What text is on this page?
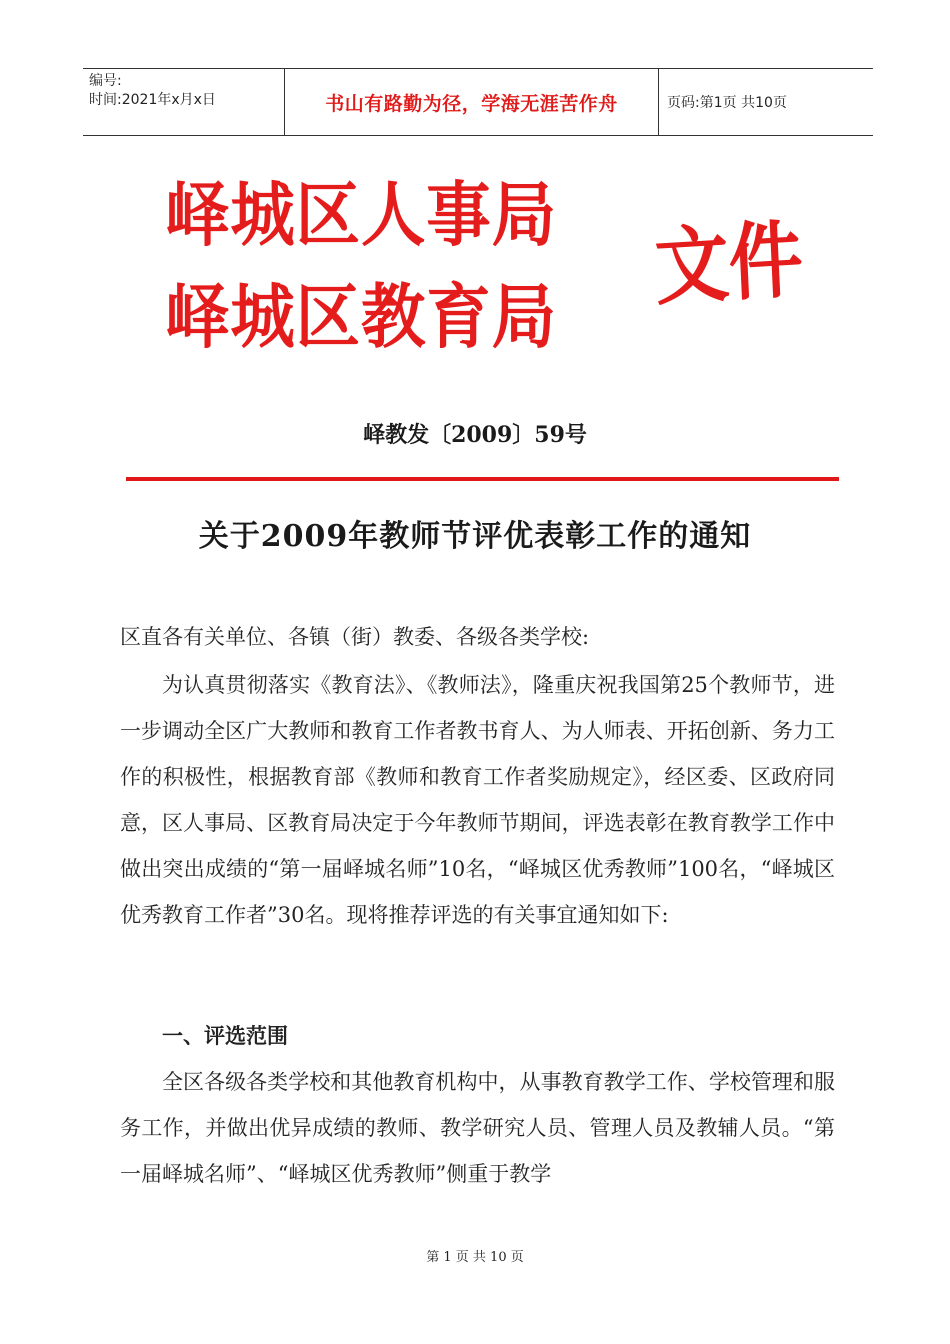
编号:
时间:2021年x月x日	书山有路勤为径，学海无涯苦作舟	页码:第1页 共10页
峄城区人事局
峄城区教育局
文件
峄教发〔2009〕59号
关于2009年教师节评优表彰工作的通知
区直各有关单位、各镇（街）教委、各级各类学校:

为认真贯彻落实《教育法》、《教师法》，隆重庆祝我国第25个教师节，进一步调动全区广大教师和教育工作者教书育人、为人师表、开拓创新、务力工作的积极性，根据教育部《教师和教育工作者奖励规定》，经区委、区政府同意，区人事局、区教育局决定于今年教师节期间，评选表彰在教育教学工作中做出突出成绩的“第一届峄城名师”10名，“峄城区优秀教师”100名，“峄城区优秀教育工作者”30名。现将推荐评选的有关事宜通知如下:

一、评选范围

全区各级各类学校和其他教育机构中，从事教育教学工作、学校管理和服务工作，并做出优异成绩的教师、教学研究人员、管理人员及教辅人员。“第一届峄城名师”、“峄城区优秀教师”侧重于教学

第 1 页 共 10 页
